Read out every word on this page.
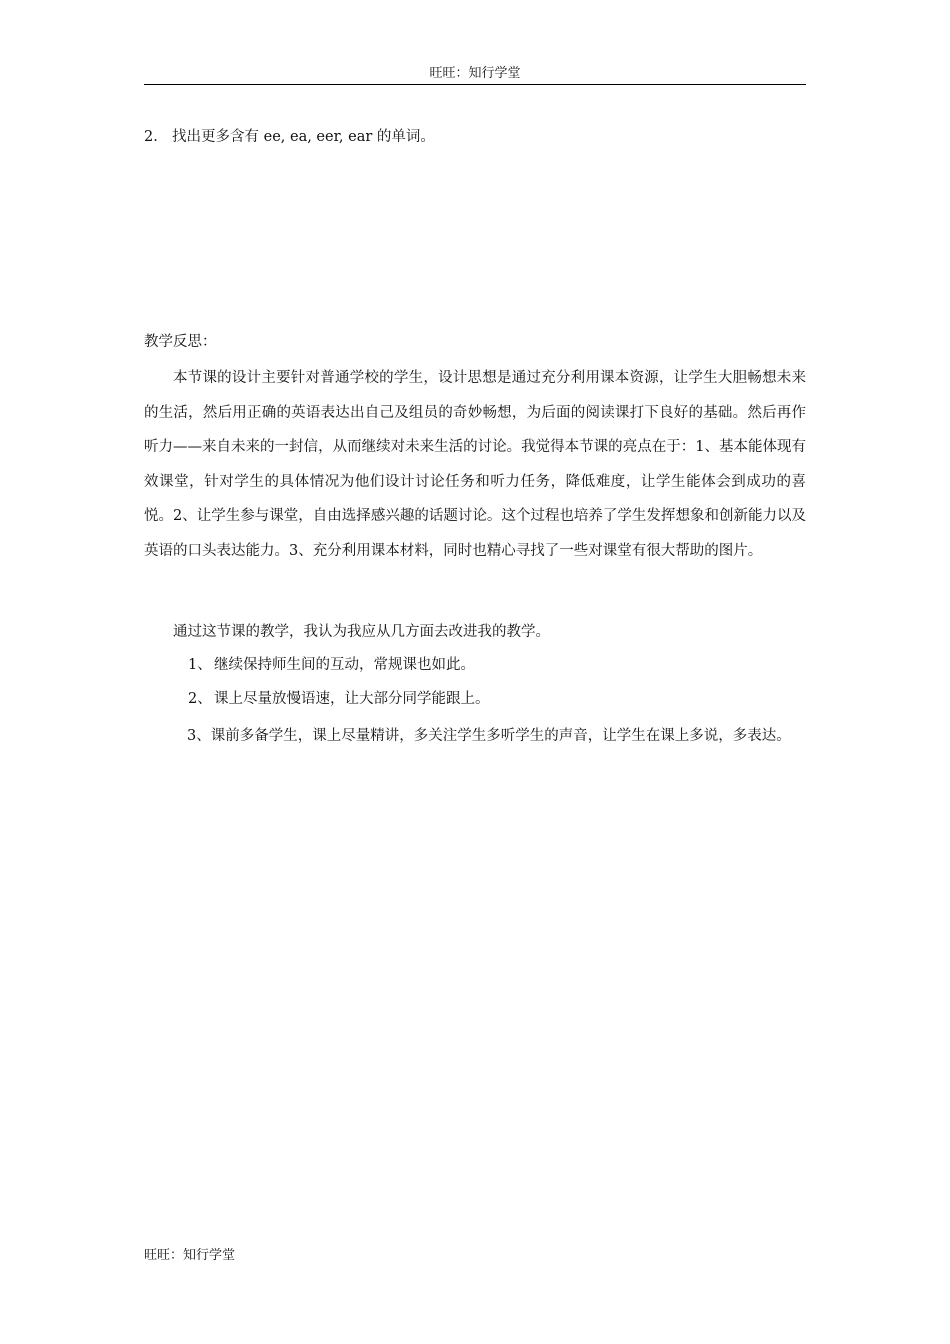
旺旺：知行学堂
2. 找出更多含有 ee, ea, eer, ear 的单词。
教学反思：

本节课的设计主要针对普通学校的学生，设计思想是通过充分利用课本资源，让学生大胆畅想未来的生活，然后用正确的英语表达出自己及组员的奇妙畅想，为后面的阅读课打下良好的基础。然后再作听力——来自未来的一封信，从而继续对未来生活的讨论。我觉得本节课的亮点在于：1、基本能体现有效课堂，针对学生的具体情况为他们设计讨论任务和听力任务，降低难度，让学生能体会到成功的喜悦。2、让学生参与课堂，自由选择感兴趣的话题讨论。这个过程也培养了学生发挥想象和创新能力以及英语的口头表达能力。3、充分利用课本材料，同时也精心寻找了一些对课堂有很大帮助的图片。

通过这节课的教学，我认为我应从几方面去改进我的教学。
1、 继续保持师生间的互动，常规课也如此。
2、 课上尽量放慢语速，让大部分同学能跟上。

3、课前多备学生，课上尽量精讲，多关注学生多听学生的声音，让学生在课上多说，多表达。

旺旺：知行学堂
